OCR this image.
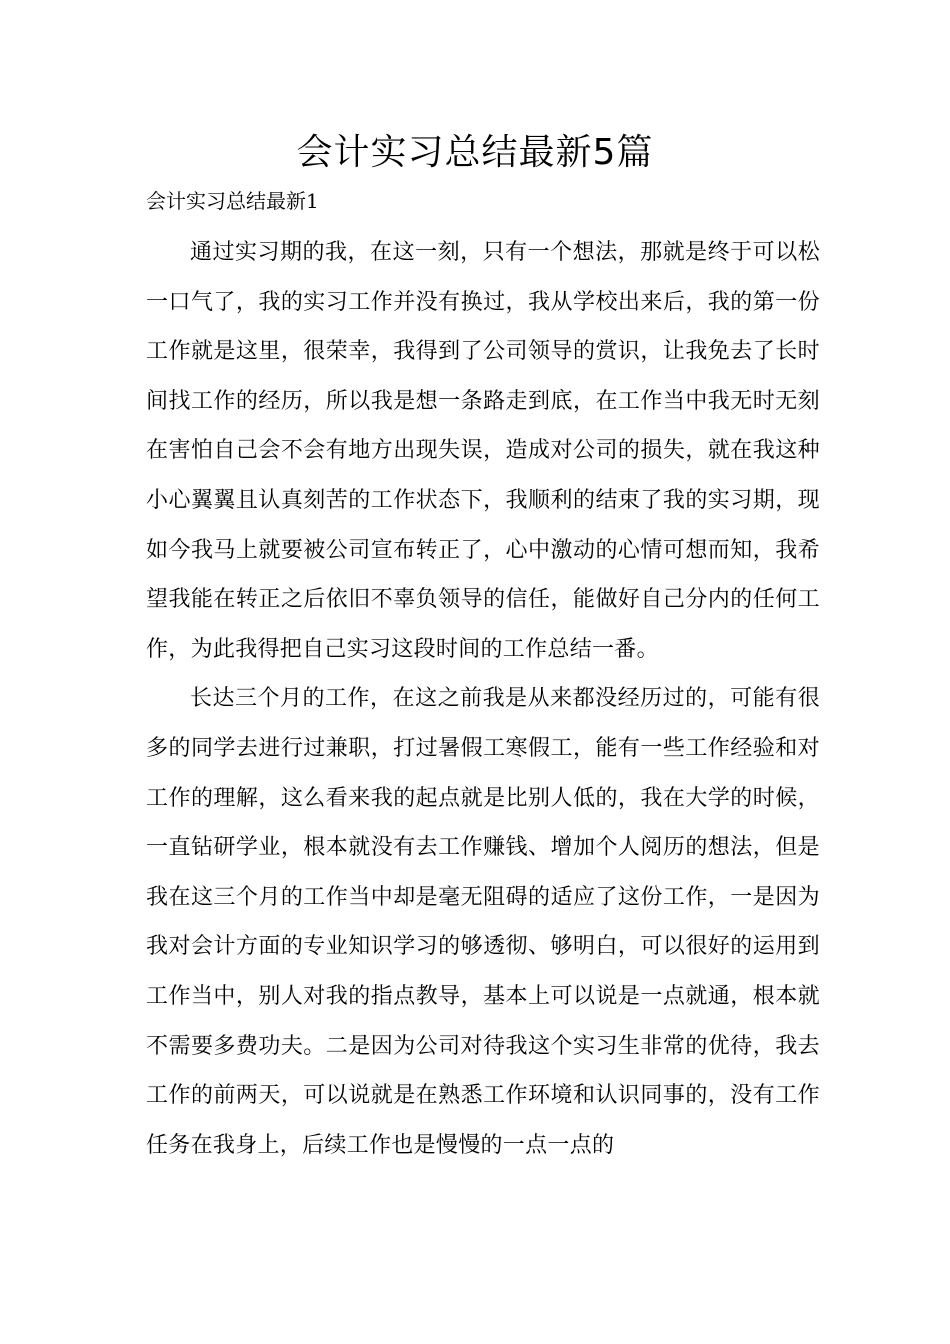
会计实习总结最新5篇
会计实习总结最新1

通过实习期的我，在这一刻，只有一个想法，那就是终于可以松一口气了，我的实习工作并没有换过，我从学校出来后，我的第一份工作就是这里，很荣幸，我得到了公司领导的赏识，让我免去了长时间找工作的经历，所以我是想一条路走到底，在工作当中我无时无刻在害怕自己会不会有地方出现失误，造成对公司的损失，就在我这种小心翼翼且认真刻苦的工作状态下，我顺利的结束了我的实习期，现如今我马上就要被公司宣布转正了，心中激动的心情可想而知，我希望我能在转正之后依旧不辜负领导的信任，能做好自己分内的任何工作，为此我得把自己实习这段时间的工作总结一番。

长达三个月的工作，在这之前我是从来都没经历过的，可能有很多的同学去进行过兼职，打过暑假工寒假工，能有一些工作经验和对工作的理解，这么看来我的起点就是比别人低的，我在大学的时候，一直钻研学业，根本就没有去工作赚钱、增加个人阅历的想法，但是我在这三个月的工作当中却是毫无阻碍的适应了这份工作，一是因为我对会计方面的专业知识学习的够透彻、够明白，可以很好的运用到工作当中，别人对我的指点教导，基本上可以说是一点就通，根本就不需要多费功夫。二是因为公司对待我这个实习生非常的优待，我去工作的前两天，可以说就是在熟悉工作环境和认识同事的，没有工作任务在我身上，后续工作也是慢慢的一点一点的
